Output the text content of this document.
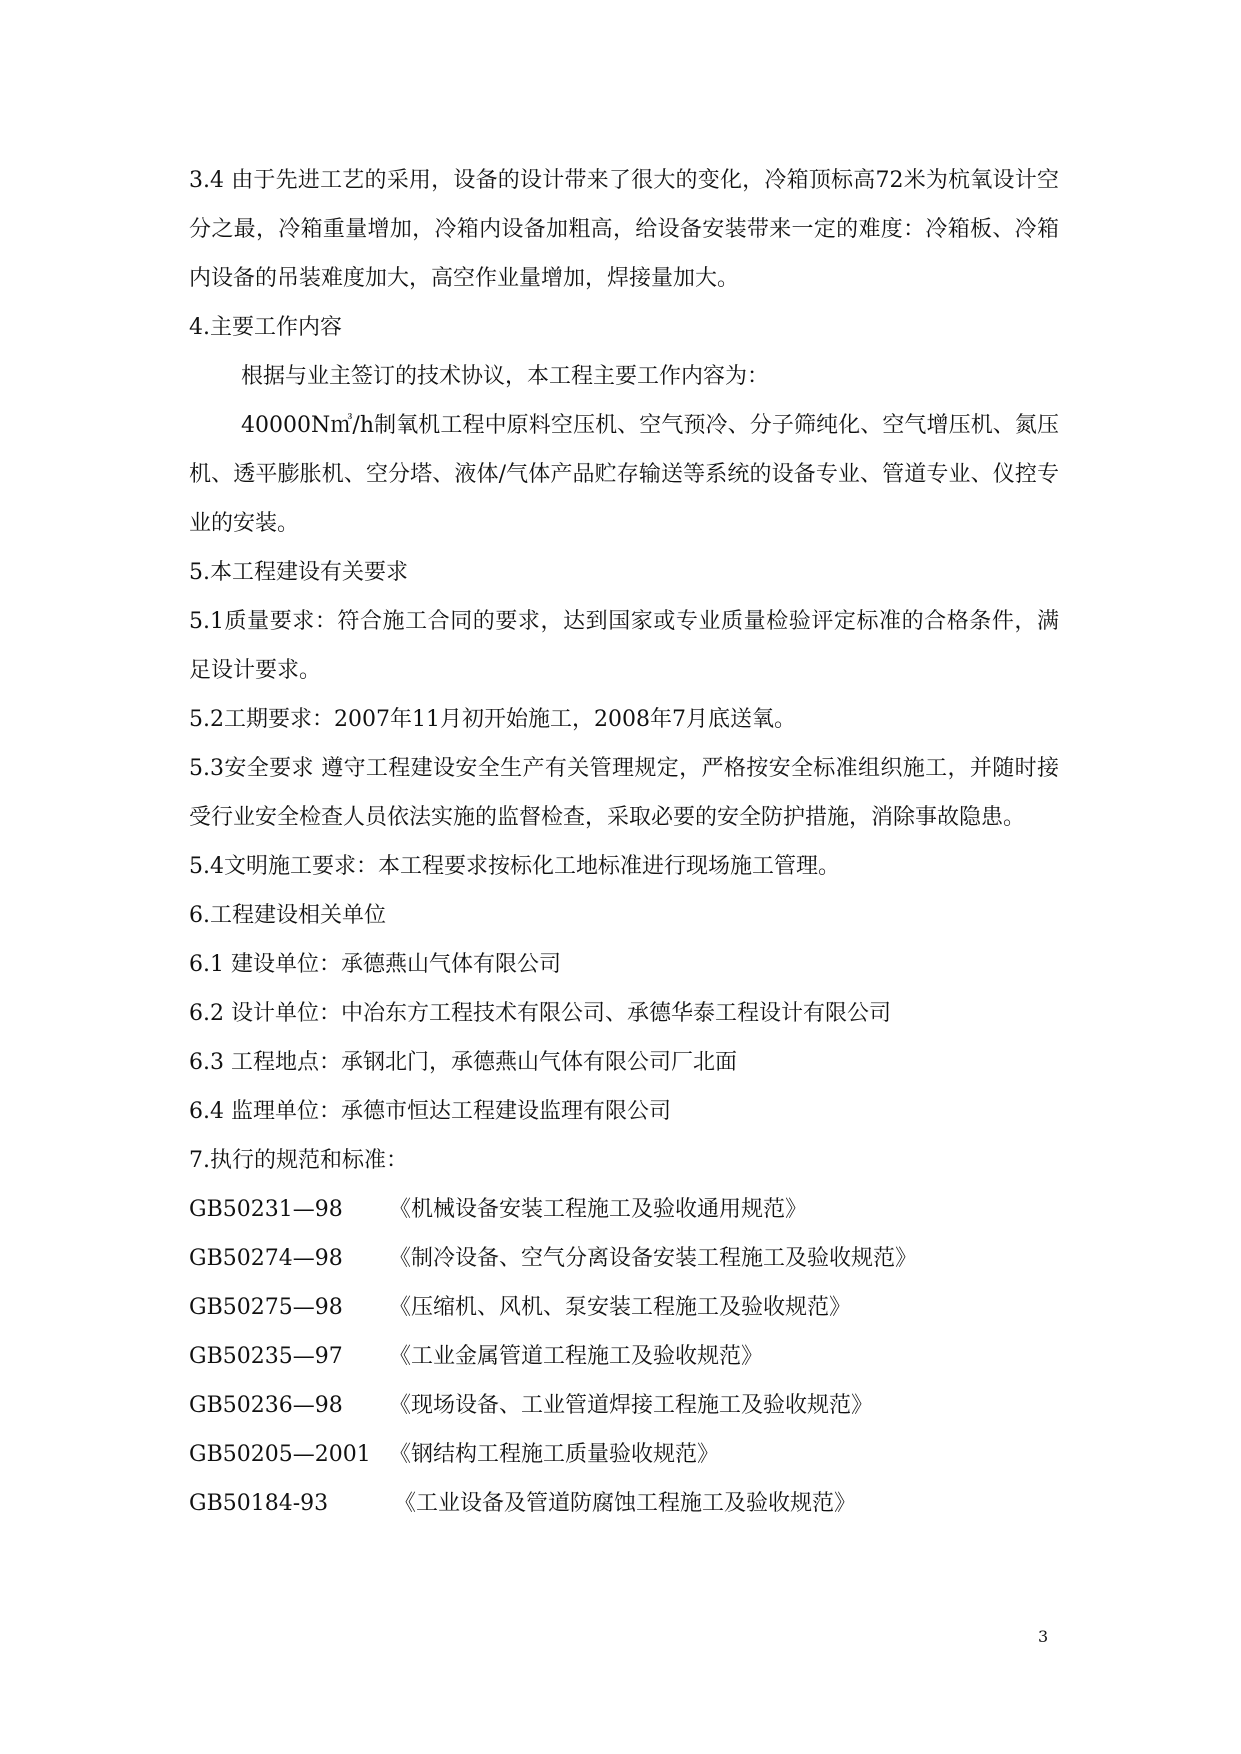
3.4 由于先进工艺的采用，设备的设计带来了很大的变化，冷箱顶标高72米为杭氧设计空分之最，冷箱重量增加，冷箱内设备加粗高，给设备安装带来一定的难度：冷箱板、冷箱内设备的吊装难度加大，高空作业量增加，焊接量加大。

4.主要工作内容

根据与业主签订的技术协议，本工程主要工作内容为：

40000N㎥/h制氧机工程中原料空压机、空气预冷、分子筛纯化、空气增压机、氮压机、透平膨胀机、空分塔、液体/气体产品贮存输送等系统的设备专业、管道专业、仪控专业的安装。

5.本工程建设有关要求

5.1质量要求：符合施工合同的要求，达到国家或专业质量检验评定标准的合格条件，满足设计要求。

5.2工期要求：2007年11月初开始施工，2008年7月底送氧。

5.3安全要求 遵守工程建设安全生产有关管理规定，严格按安全标准组织施工，并随时接受行业安全检查人员依法实施的监督检查，采取必要的安全防护措施，消除事故隐患。

5.4文明施工要求：本工程要求按标化工地标准进行现场施工管理。

6.工程建设相关单位

6.1 建设单位：承德燕山气体有限公司

6.2 设计单位：中冶东方工程技术有限公司、承德华泰工程设计有限公司

6.3 工程地点：承钢北门，承德燕山气体有限公司厂北面

6.4 监理单位：承德市恒达工程建设监理有限公司

7.执行的规范和标准：

GB50231—98	《机械设备安装工程施工及验收通用规范》
GB50274—98	《制冷设备、空气分离设备安装工程施工及验收规范》
GB50275—98	《压缩机、风机、泵安装工程施工及验收规范》
GB50235—97	《工业金属管道工程施工及验收规范》
GB50236—98	《现场设备、工业管道焊接工程施工及验收规范》
GB50205—2001 《钢结构工程施工质量验收规范》
GB50184-93	《工业设备及管道防腐蚀工程施工及验收规范》
3
